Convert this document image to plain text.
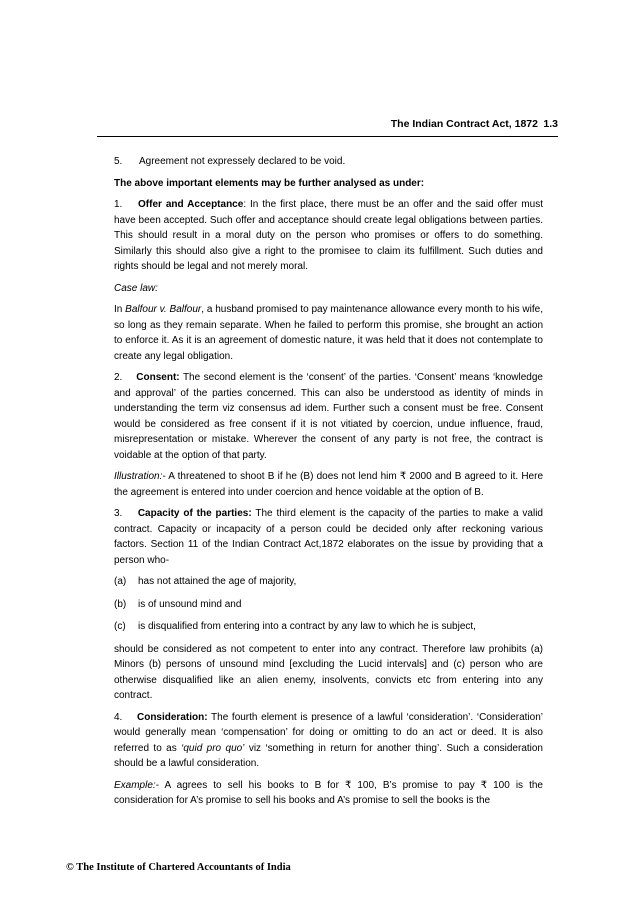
The Indian Contract Act, 1872 1.3
5.	Agreement not expressely declared to be void.

The above important elements may be further analysed as under:

1. Offer and Acceptance: In the first place, there must be an offer and the said offer must have been accepted. Such offer and acceptance should create legal obligations between parties. This should result in a moral duty on the person who promises or offers to do something. Similarly this should also give a right to the promisee to claim its fulfillment. Such duties and rights should be legal and not merely moral.

Case law:

In Balfour v. Balfour, a husband promised to pay maintenance allowance every month to his wife, so long as they remain separate. When he failed to perform this promise, she brought an action to enforce it. As it is an agreement of domestic nature, it was held that it does not contemplate to create any legal obligation.

2. Consent: The second element is the ‘consent’ of the parties. ‘Consent’ means ‘knowledge and approval’ of the parties concerned. This can also be understood as identity of minds in understanding the term viz consensus ad idem. Further such a consent must be free. Consent would be considered as free consent if it is not vitiated by coercion, undue influence, fraud, misrepresentation or mistake. Wherever the consent of any party is not free, the contract is voidable at the option of that party.

Illustration:- A threatened to shoot B if he (B) does not lend him ₹ 2000 and B agreed to it. Here the agreement is entered into under coercion and hence voidable at the option of B.

3. Capacity of the parties: The third element is the capacity of the parties to make a valid contract. Capacity or incapacity of a person could be decided only after reckoning various factors. Section 11 of the Indian Contract Act,1872 elaborates on the issue by providing that a person who-

(a)	has not attained the age of majority,
(b)	is of unsound mind and
(c)	is disqualified from entering into a contract by any law to which he is subject,

should be considered as not competent to enter into any contract. Therefore law prohibits (a) Minors (b) persons of unsound mind [excluding the Lucid intervals] and (c) person who are otherwise disqualified like an alien enemy, insolvents, convicts etc from entering into any contract.

4. Consideration: The fourth element is presence of a lawful ‘consideration’. ‘Consideration’ would generally mean ‘compensation’ for doing or omitting to do an act or deed. It is also referred to as ‘quid pro quo’ viz ‘something in return for another thing’. Such a consideration should be a lawful consideration.

Example:- A agrees to sell his books to B for ₹ 100, B’s promise to pay ₹ 100 is the consideration for A’s promise to sell his books and A’s promise to sell the books is the

© The Institute of Chartered Accountants of India
